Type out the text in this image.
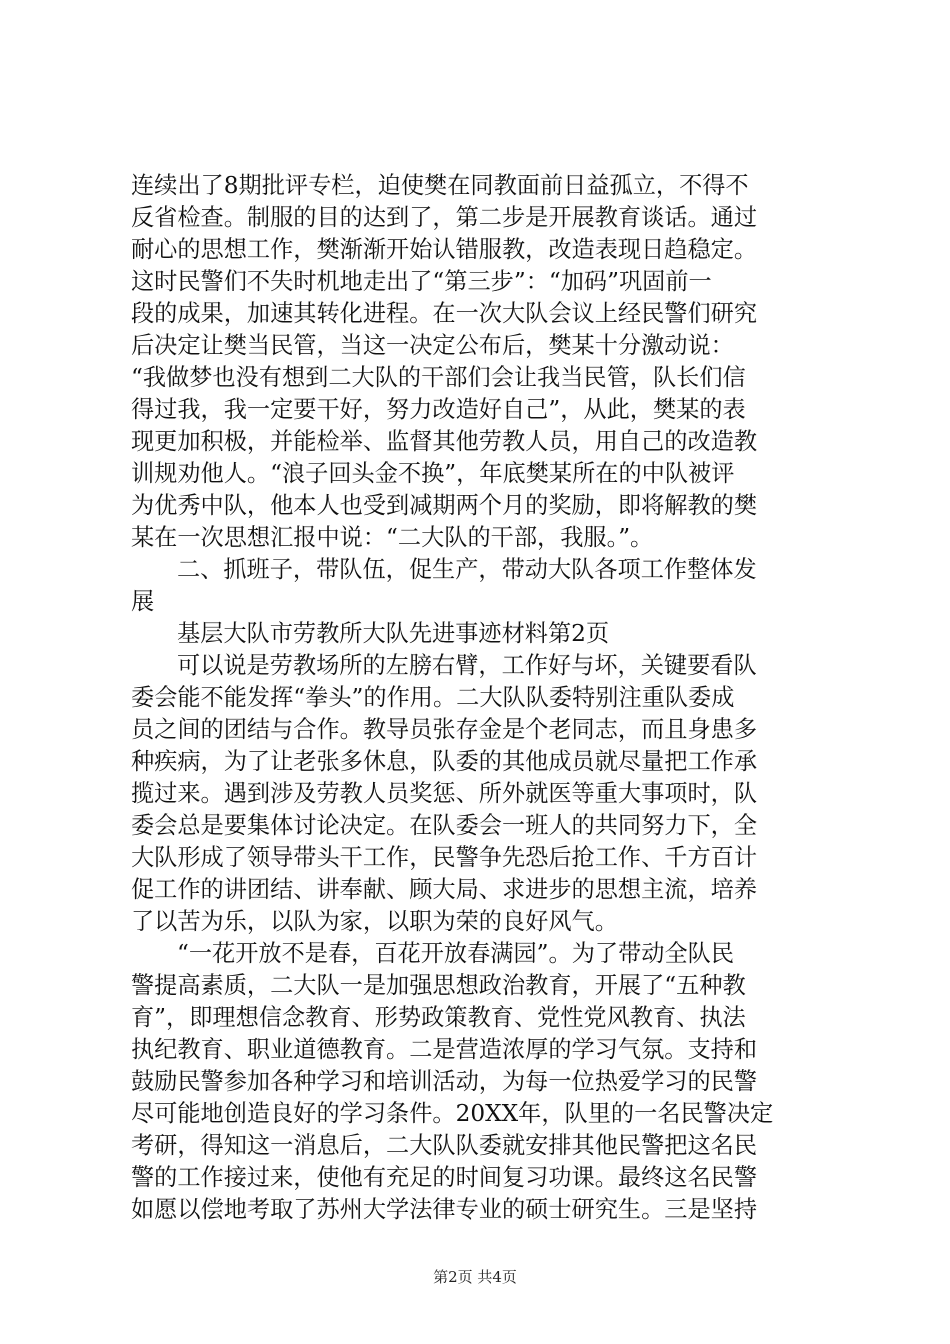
连续出了8期批评专栏，迫使樊在同教面前日益孤立，不得不
反省检查。制服的目的达到了，第二步是开展教育谈话。通过
耐心的思想工作，樊渐渐开始认错服教，改造表现日趋稳定。
这时民警们不失时机地走出了“第三步”：“加码”巩固前一
段的成果，加速其转化进程。在一次大队会议上经民警们研究
后决定让樊当民管，当这一决定公布后，樊某十分激动说：
“我做梦也没有想到二大队的干部们会让我当民管，队长们信
得过我，我一定要干好，努力改造好自己”，从此，樊某的表
现更加积极，并能检举、监督其他劳教人员，用自己的改造教
训规劝他人。“浪子回头金不换”，年底樊某所在的中队被评
为优秀中队，他本人也受到减期两个月的奖励，即将解教的樊
某在一次思想汇报中说：“二大队的干部，我服。”。
二、抓班子，带队伍，促生产，带动大队各项工作整体发
展
基层大队市劳教所大队先进事迹材料第2页
可以说是劳教场所的左膀右臂，工作好与坏，关键要看队
委会能不能发挥“拳头”的作用。二大队队委特别注重队委成
员之间的团结与合作。教导员张存金是个老同志，而且身患多
种疾病，为了让老张多休息，队委的其他成员就尽量把工作承
揽过来。遇到涉及劳教人员奖惩、所外就医等重大事项时，队
委会总是要集体讨论决定。在队委会一班人的共同努力下，全
大队形成了领导带头干工作，民警争先恐后抢工作、千方百计
促工作的讲团结、讲奉献、顾大局、求进步的思想主流，培养
了以苦为乐，以队为家，以职为荣的良好风气。
“一花开放不是春，百花开放春满园”。为了带动全队民
警提高素质，二大队一是加强思想政治教育，开展了“五种教
育”，即理想信念教育、形势政策教育、党性党风教育、执法
执纪教育、职业道德教育。二是营造浓厚的学习气氛。支持和
鼓励民警参加各种学习和培训活动，为每一位热爱学习的民警
尽可能地创造良好的学习条件。20XX年，队里的一名民警决定
考研，得知这一消息后，二大队队委就安排其他民警把这名民
警的工作接过来，使他有充足的时间复习功课。最终这名民警
如愿以偿地考取了苏州大学法律专业的硕士研究生。三是坚持
第2页 共4页
